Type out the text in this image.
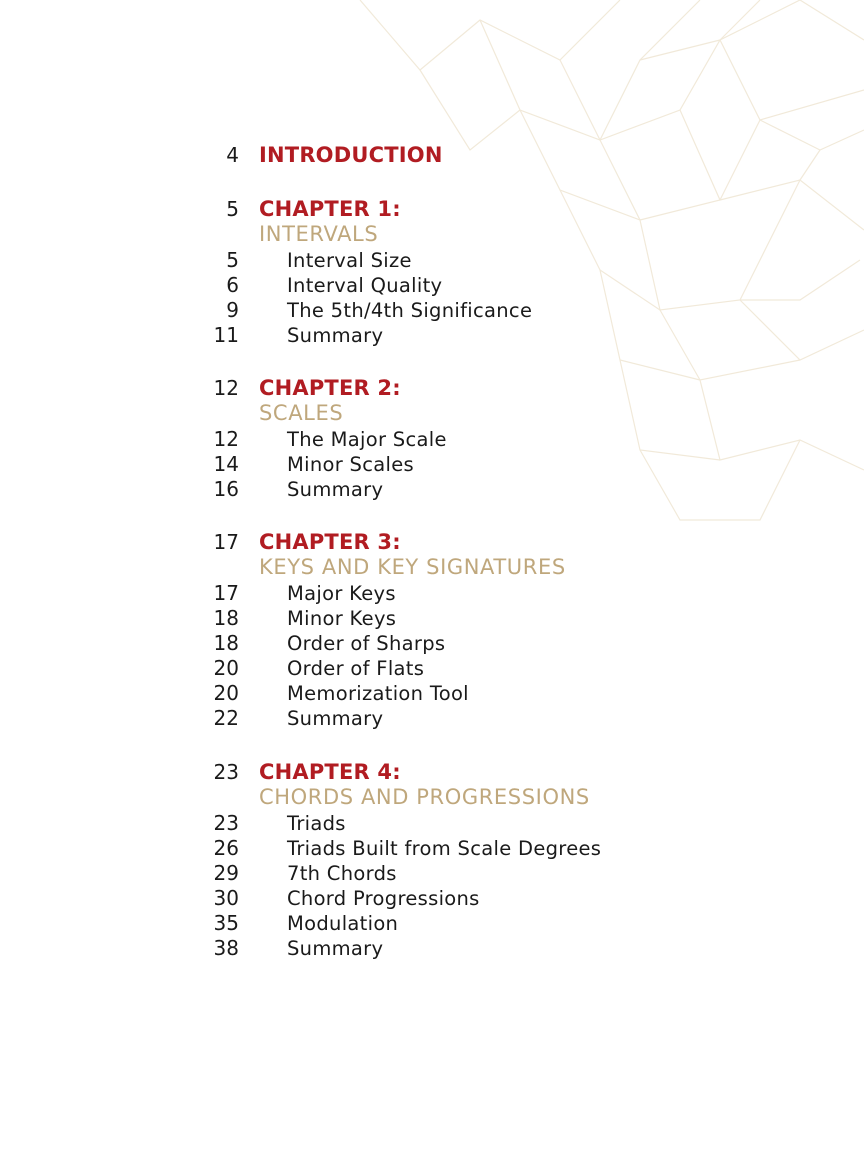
4 INTRODUCTION
5 CHAPTER 1:
INTERVALS
5 Interval Size
6 Interval Quality
9 The 5th/4th Significance
11 Summary
12 CHAPTER 2:
SCALES
12 The Major Scale
14 Minor Scales
16 Summary
17 CHAPTER 3:
KEYS AND KEY SIGNATURES
17 Major Keys
18 Minor Keys
18 Order of Sharps
20 Order of Flats
20 Memorization Tool
22 Summary
23 CHAPTER 4:
CHORDS AND PROGRESSIONS
23 Triads
26 Triads Built from Scale Degrees
29 7th Chords
30 Chord Progressions
35 Modulation
38 Summary
